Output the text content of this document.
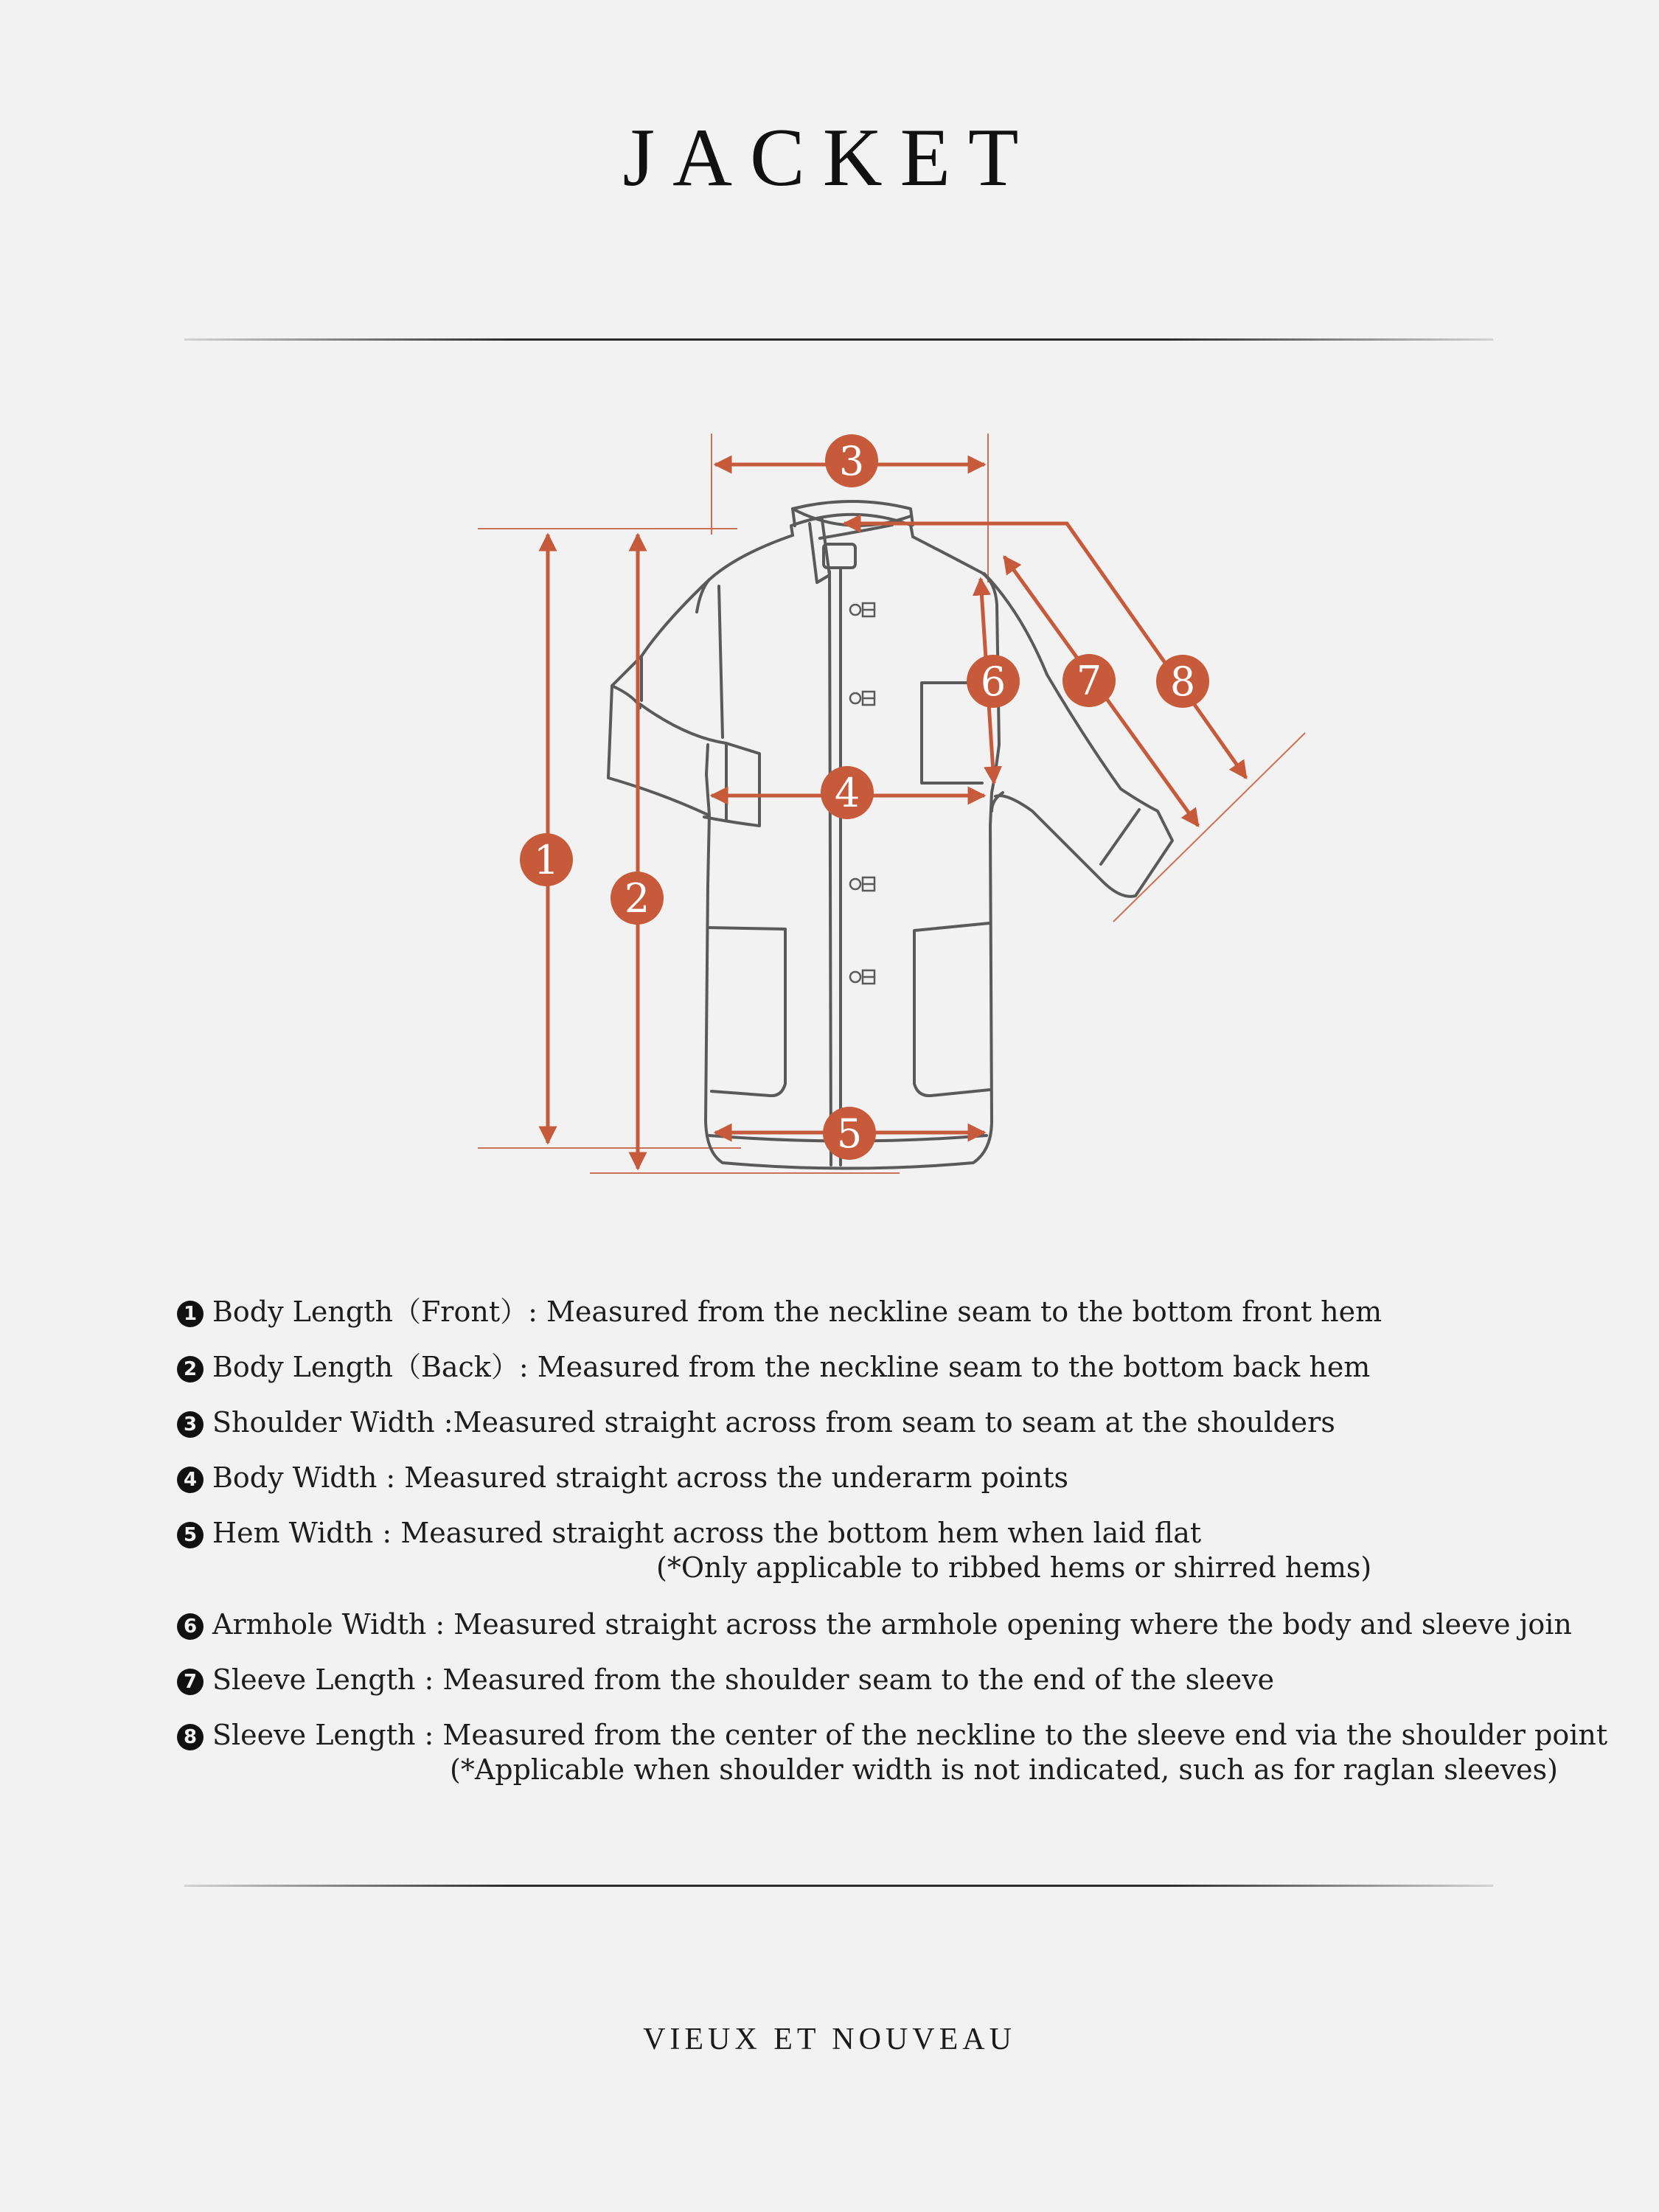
JACKET
1
2
3
4
5
6 7 8
1 Body Length（Front）: Measured from the neckline seam to the bottom front hem
2 Body Length（Back）: Measured from the neckline seam to the bottom back hem
3 Shoulder Width :Measured straight across from seam to seam at the shoulders
4 Body Width : Measured straight across the underarm points
5 Hem Width : Measured straight across the bottom hem when laid flat
(*Only applicable to ribbed hems or shirred hems)
6 Armhole Width : Measured straight across the armhole opening where the body and sleeve join
7 Sleeve Length : Measured from the shoulder seam to the end of the sleeve
8 Sleeve Length : Measured from the center of the neckline to the sleeve end via the shoulder point
(*Applicable when shoulder width is not indicated, such as for raglan sleeves)
VIEUX ET NOUVEAU
